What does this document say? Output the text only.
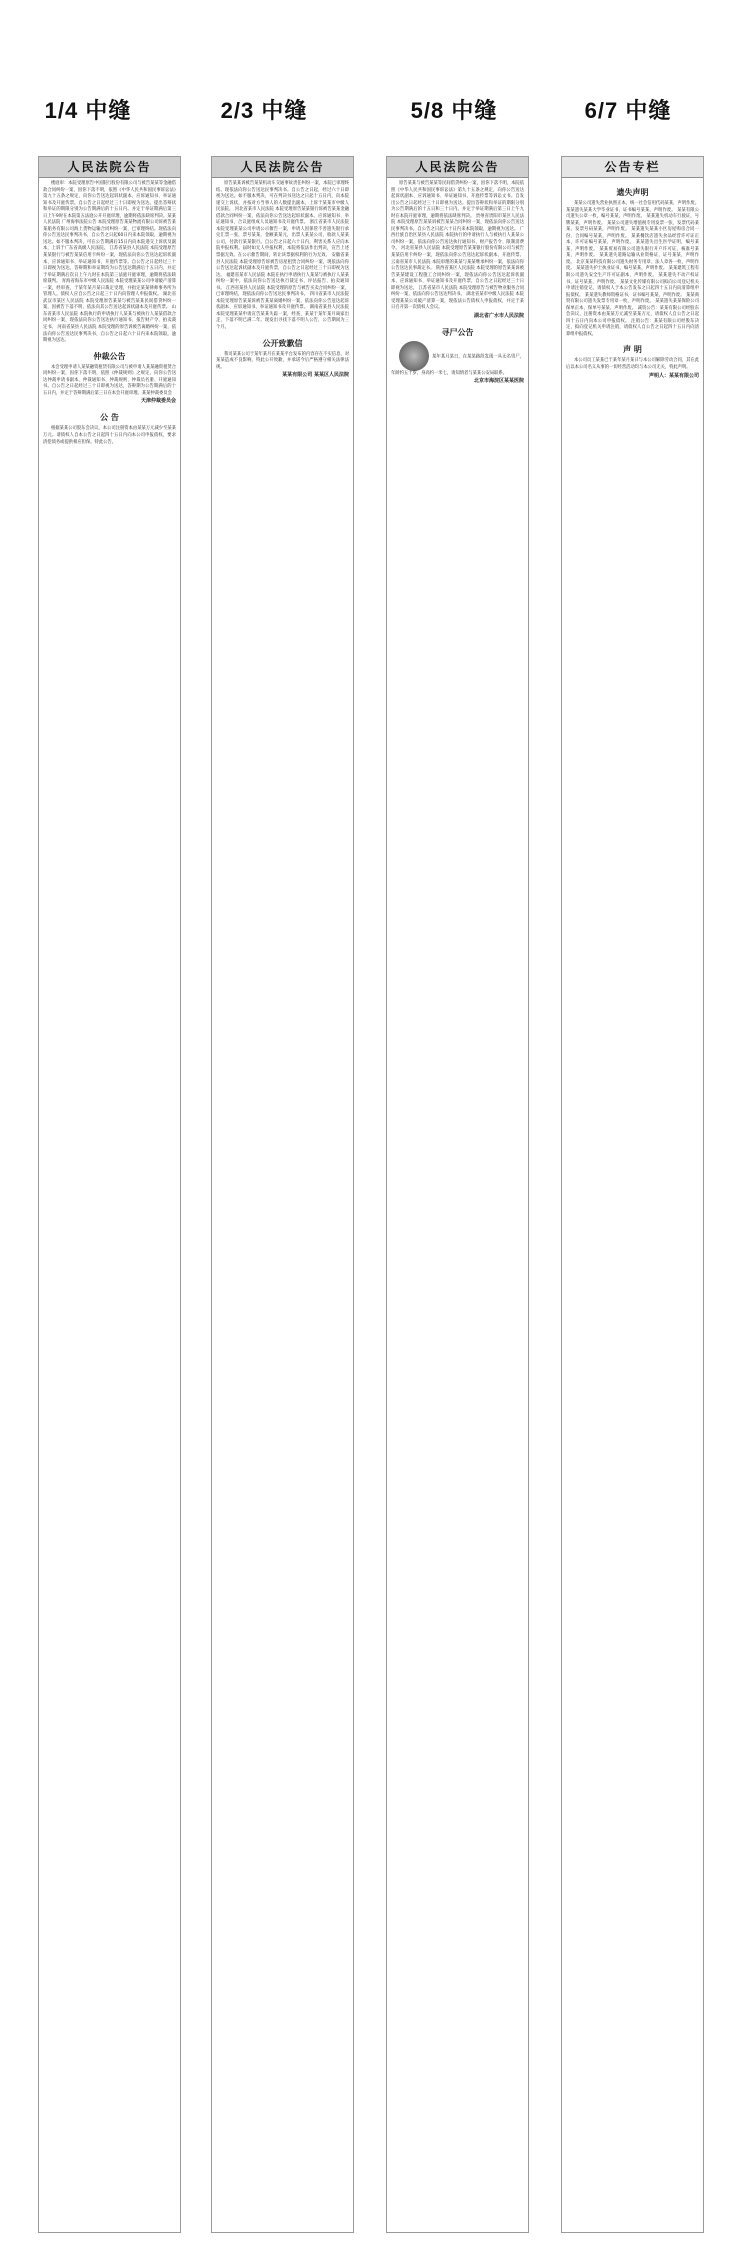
1/4 中缝	2/3 中缝	5/8 中缝	6/7 中缝
人民法院公告

楼庭审：本院受理原告中国银行股份有限公司与被告某某等金融借款合同纠纷一案，因你下落不明，依照《中华人民共和国民事诉讼法》第九十五条之规定，向你公告送达起诉状副本、应诉通知书、举证通知书及开庭传票。自公告之日起经过三十日即视为送达。提出答辩状和举证的期限分别为公告期满后的十五日内。并定于举证期满后第三日上午9时在本院第五法庭公开开庭审理，逾期将依法缺席判决。某某人民法院 广州海事法院公告 本院受理原告某某物流有限公司诉被告某某船务有限公司海上货物运输合同纠纷一案，已审理终结。现依法向你公告送达民事判决书，自公告之日起60日内来本院领取，逾期视为送达。如不服本判决，可在公告期满后15日内向本院递交上诉状及副本，上诉于广东省高级人民法院。 江苏省某县人民法院 本院受理原告某某银行与被告某某信用卡纠纷一案，现依法向你公告送达起诉状副本、应诉通知书、举证通知书、开庭传票等。自公告之日起经过三十日即视为送达。答辩期和举证期均为公告送达期满后十五日内，并定于举证期满后次日上午九时在本院第三法庭开庭审理，逾期将依法缺席裁判。 青海省海东市中级人民法院 本院受理某某公司申请破产清算一案，经审查，于某年某月某日裁定受理，并指定某某律师事务所为管理人。债权人应自公告之日起三十日内向管理人申报债权。 湖北省武汉市某区人民法院 本院受理原告某某与被告某某民间借贷纠纷一案，因被告下落不明，依法向其公告送达起诉状副本及开庭传票。 山东省某市人民法院 本院执行的申请执行人某某与被执行人某某借款合同纠纷一案，现依法向你公告送达执行通知书、报告财产令、拍卖裁定书。 河南省某县人民法院 本院受理的原告诉被告离婚纠纷一案，依法向你公告送达民事判决书，自公告之日起六十日内来本院领取，逾期视为送达。

仲裁公告

本会受理申请人某某融资租赁有限公司与被申请人某某融资租赁合同纠纷一案，因你下落不明，依照《仲裁规则》之规定，向你公告送达仲裁申请书副本、仲裁通知书、仲裁规则、仲裁员名册、开庭通知书。自公告之日起经过三十日即视为送达，答辩期为公告期满后的十五日内，并定于答辩期满后第三日在本会开庭审理。某某仲裁委员会

天津仲裁委员会
公 告

根据某某公司股东会决议，本公司注册资本由某某万元减少至某某万元。请债权人自本公告之日起四十五日内向本公司申报债权，要求清偿债务或提供相应担保。特此公告。

人民法院公告

原告某某诉被告某某机动车交通事故责任纠纷一案，本院已审理终结。现依法向你公告送达民事判决书。自公告之日起，经过六十日即视为送达。如不服本判决，可在判决书送达之日起十五日内，向本院递交上诉状，并按对方当事人的人数提出副本，上诉于某某市中级人民法院。 河北省某市人民法院 本院受理原告某某银行诉被告某某金融借款合同纠纷一案，依法向你公告送达起诉状副本、应诉通知书、举证通知书、合议庭组成人员通知书及开庭传票。 浙江省某市人民法院 本院受理某某公司申请公示催告一案，申请人因保管不善遗失银行承兑汇票一张，票号某某，金额某某元，出票人某某公司，收款人某某公司，付款行某某银行。自公告之日起六十日内，利害关系人应向本院申报权利。届时如无人申报权利，本院将依法作出判决，宣告上述票据无效。在公示催告期间，转让该票据权利的行为无效。 安徽省某县人民法院 本院受理原告诉被告房屋租赁合同纠纷一案，现依法向你公告送达起诉状副本及开庭传票，自公告之日起经过三十日即视为送达。 福建省某市人民法院 本院在执行申请执行人某某与被执行人某某纠纷一案中，依法向你公告送达执行裁定书、评估报告、拍卖通知书。 江西省某县人民法院 本院受理的原告与被告买卖合同纠纷一案，已审理终结，现依法向你公告送达民事判决书。 四川省某市人民法院 本院受理原告某某诉被告某某离婚纠纷一案，依法向你公告送达起诉状副本、应诉通知书、举证通知书及开庭传票。 湖南省某县人民法院 本院受理某某申请宣告某某失踪一案，经查，某某于某年某月离家出走，下落不明已满二年。现发出寻找下落不明人公告，公告期间为三个月。

公开致歉信

我司某某公司于某年某月在某某平台发布的内容存在不实信息，对某某造成不良影响，特此公开致歉，并承诺今后严格遵守相关法律法规。

某某有限公司 某某区人民法院
人民法院公告

原告某某与被告某某等民间借贷纠纷一案，因你下落不明，本院依照《中华人民共和国民事诉讼法》第九十五条之规定，向你公告送达起诉状副本、应诉通知书、举证通知书、开庭传票等诉讼文书。自发出公告之日起经过三十日即视为送达。提出答辩状和举证的期限分别为公告期满后的十五日和三十日内。并定于举证期满后第三日上午九时在本院开庭审理，逾期将依法缺席判决。 贵州省贵阳市某区人民法院 本院受理原告某某诉被告某某合同纠纷一案，现依法向你公告送达民事判决书，自公告之日起六十日内来本院领取，逾期视为送达。 广西壮族自治区某县人民法院 本院执行的申请执行人与被执行人某某公司纠纷一案，依法向你公告送达执行通知书、财产报告令、限制消费令。 河北省某县人民法院 本院受理原告某某银行股份有限公司与被告某某信用卡纠纷一案，现依法向你公告送达起诉状副本、开庭传票。 云南省某市人民法院 本院审理的某某与某某继承纠纷一案，依法向你公告送达民事裁定书。 陕西省某区人民法院 本院受理的原告某某诉被告某某建设工程施工合同纠纷一案，现依法向你公告送达起诉状副本、应诉通知书、举证通知书及开庭传票，自公告之日起经过三十日即视为送达。 江苏省某市人民法院 本院受理原告与被告物业服务合同纠纷一案，依法向你公告送达判决书。 湖北省某市中级人民法院 本院受理某某公司破产清算一案，现依法公告债权人申报债权，并定于某日召开第一次债权人会议。

湖北省广水市人民法院
寻尸公告

某年某月某日，在某某路段发现一具无名男尸，年龄约五十岁，身高约一米七，请知情者与某某公安局联系。

北京市海淀区某某医院
公告专栏
遗失声明

某某公司遗失营业执照正本，统一社会信用代码某某，声明作废。 某某遗失某某大学毕业证书，证书编号某某，声明作废。 某某有限公司遗失公章一枚，编号某某，声明作废。 某某遗失机动车行驶证，号牌某某，声明作废。 某某公司遗失增值税专用发票一张，发票代码某某，发票号码某某，声明作废。 某某遗失某某小区房屋购房合同一份，合同编号某某，声明作废。 某某餐饮店遗失食品经营许可证正本，许可证编号某某，声明作废。 某某遗失出生医学证明，编号某某，声明作废。 某某贸易有限公司遗失银行开户许可证，核准号某某，声明作废。 某某遗失道路运输从业资格证，证号某某，声明作废。 北京某某科技有限公司遗失财务专用章、法人章各一枚，声明作废。 某某遗失护士执业证书，编号某某，声明作废。 某某建筑工程有限公司遗失安全生产许可证副本，声明作废。 某某遗失不动产权证书，证号某某，声明作废。 某某文化传媒有限公司拟向公司登记机关申请注销登记，请债权人于本公告发布之日起四十五日内向清算组申报债权。 某某遗失教师资格证书，证书编号某某，声明作废。 某某商贸有限公司遗失发票专用章一枚，声明作废。 某某遗失某某保险公司保单正本，保单号某某，声明作废。 减资公告：某某有限公司经股东会决议，注册资本由某某万元减至某某万元，请债权人自公告之日起四十五日内向本公司申报债权。 注销公告：某某有限公司经股东决定，拟向登记机关申请注销，请债权人自公告之日起四十五日内向清算组申报债权。

声 明

本公司员工某某已于某年某月某日与本公司解除劳动合同，其在此后以本公司名义从事的一切经营活动均与本公司无关，特此声明。

声明人：某某有限公司
